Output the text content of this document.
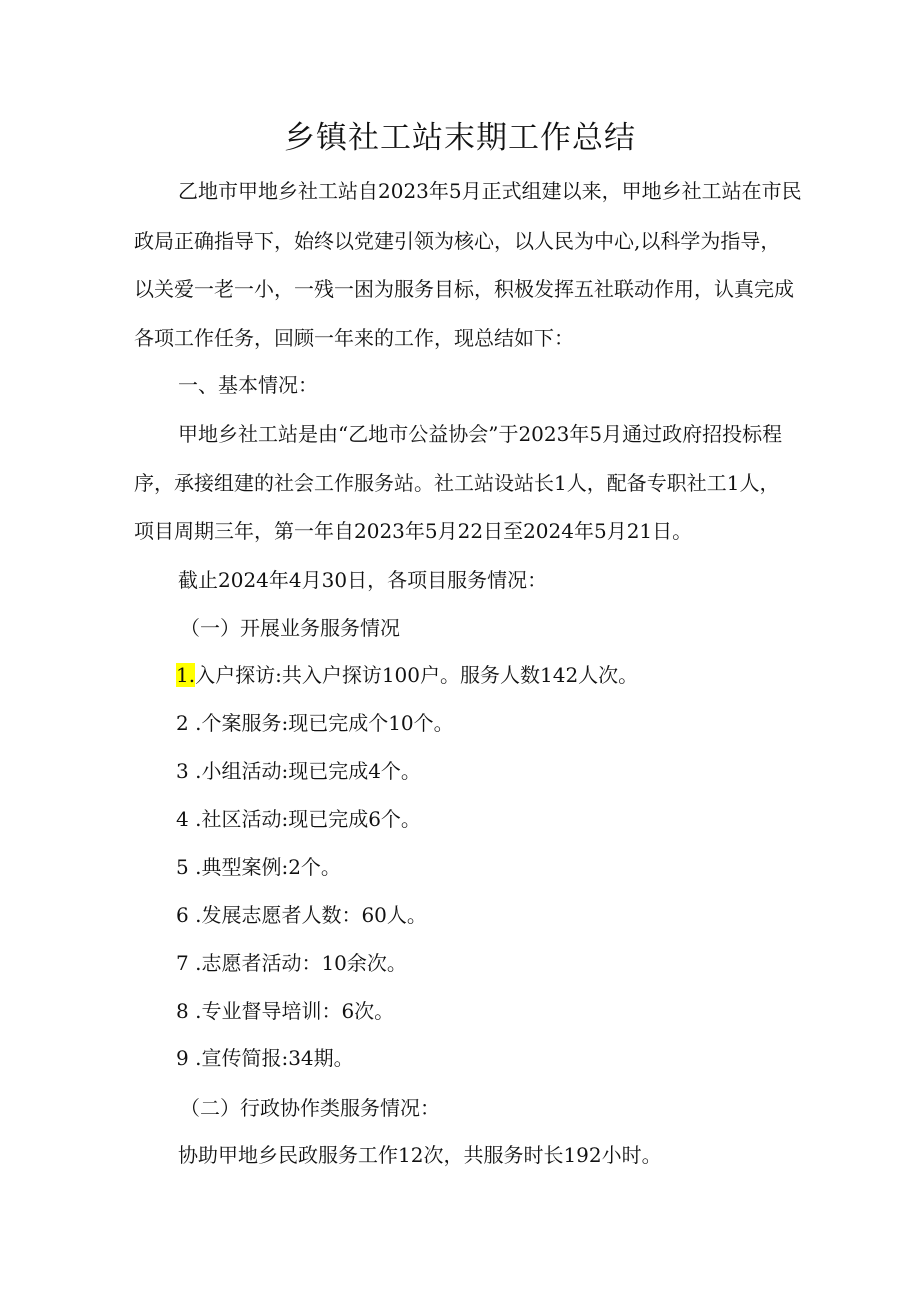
乡镇社工站末期工作总结
乙地市甲地乡社工站自2023年5月正式组建以来，甲地乡社工站在市民
政局正确指导下，始终以党建引领为核心，以人民为中心,以科学为指导，
以关爱一老一小，一残一困为服务目标，积极发挥五社联动作用，认真完成
各项工作任务，回顾一年来的工作，现总结如下：
一、基本情况：
甲地乡社工站是由“乙地市公益协会”于2023年5月通过政府招投标程
序，承接组建的社会工作服务站。社工站设站长1人，配备专职社工1人，
项目周期三年，第一年自2023年5月22日至2024年5月21日。
截止2024年4月30日，各项目服务情况：
（一）开展业务服务情况
1.入户探访:共入户探访100户。服务人数142人次。
2 .个案服务:现已完成个10个。
3 .小组活动:现已完成4个。
4 .社区活动:现已完成6个。
5 .典型案例:2个。
6 .发展志愿者人数：60人。
7 .志愿者活动：10余次。
8 .专业督导培训：6次。
9 .宣传简报:34期。
（二）行政协作类服务情况：
协助甲地乡民政服务工作12次，共服务时长192小时。
